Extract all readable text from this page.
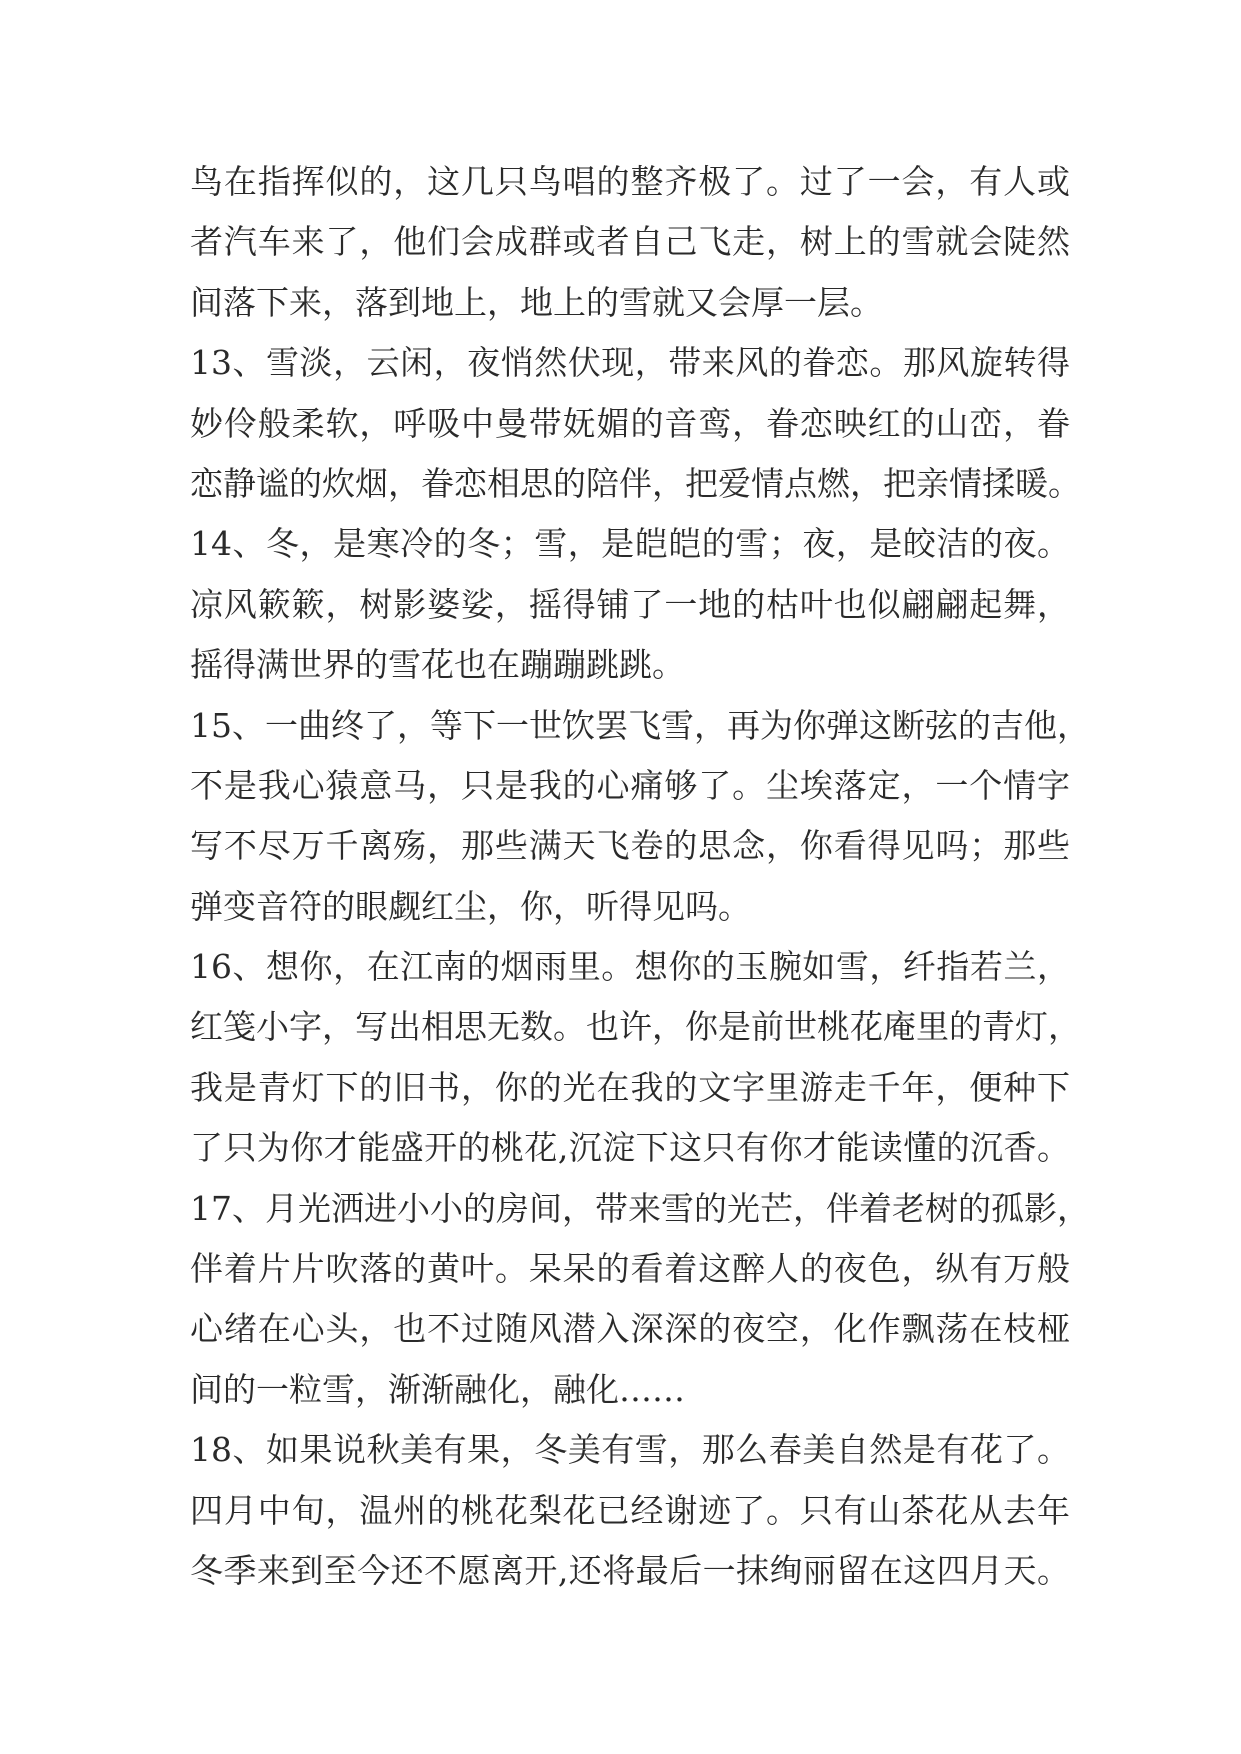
鸟在指挥似的，这几只鸟唱的整齐极了。过了一会，有人或
者汽车来了，他们会成群或者自己飞走，树上的雪就会陡然
间落下来，落到地上，地上的雪就又会厚一层。
13、雪淡，云闲，夜悄然伏现，带来风的眷恋。那风旋转得
妙伶般柔软，呼吸中曼带妩媚的音鸾，眷恋映红的山峦，眷
恋静谧的炊烟，眷恋相思的陪伴，把爱情点燃，把亲情揉暖。
14、冬，是寒冷的冬；雪，是皑皑的雪；夜，是皎洁的夜。
凉风簌簌，树影婆娑，摇得铺了一地的枯叶也似翩翩起舞，
摇得满世界的雪花也在蹦蹦跳跳。
15、一曲终了，等下一世饮罢飞雪，再为你弹这断弦的吉他，
不是我心猿意马，只是我的心痛够了。尘埃落定，一个情字
写不尽万千离殇，那些满天飞卷的思念，你看得见吗；那些
弹变音符的眼觑红尘，你，听得见吗。
16、想你，在江南的烟雨里。想你的玉腕如雪，纤指若兰，
红笺小字，写出相思无数。也许，你是前世桃花庵里的青灯，
我是青灯下的旧书，你的光在我的文字里游走千年，便种下
了只为你才能盛开的桃花,沉淀下这只有你才能读懂的沉香。
17、月光洒进小小的房间，带来雪的光芒，伴着老树的孤影，
伴着片片吹落的黄叶。呆呆的看着这醉人的夜色，纵有万般
心绪在心头，也不过随风潜入深深的夜空，化作飘荡在枝桠
间的一粒雪，渐渐融化，融化……
18、如果说秋美有果，冬美有雪，那么春美自然是有花了。
四月中旬，温州的桃花梨花已经谢迹了。只有山茶花从去年
冬季来到至今还不愿离开,还将最后一抹绚丽留在这四月天。
